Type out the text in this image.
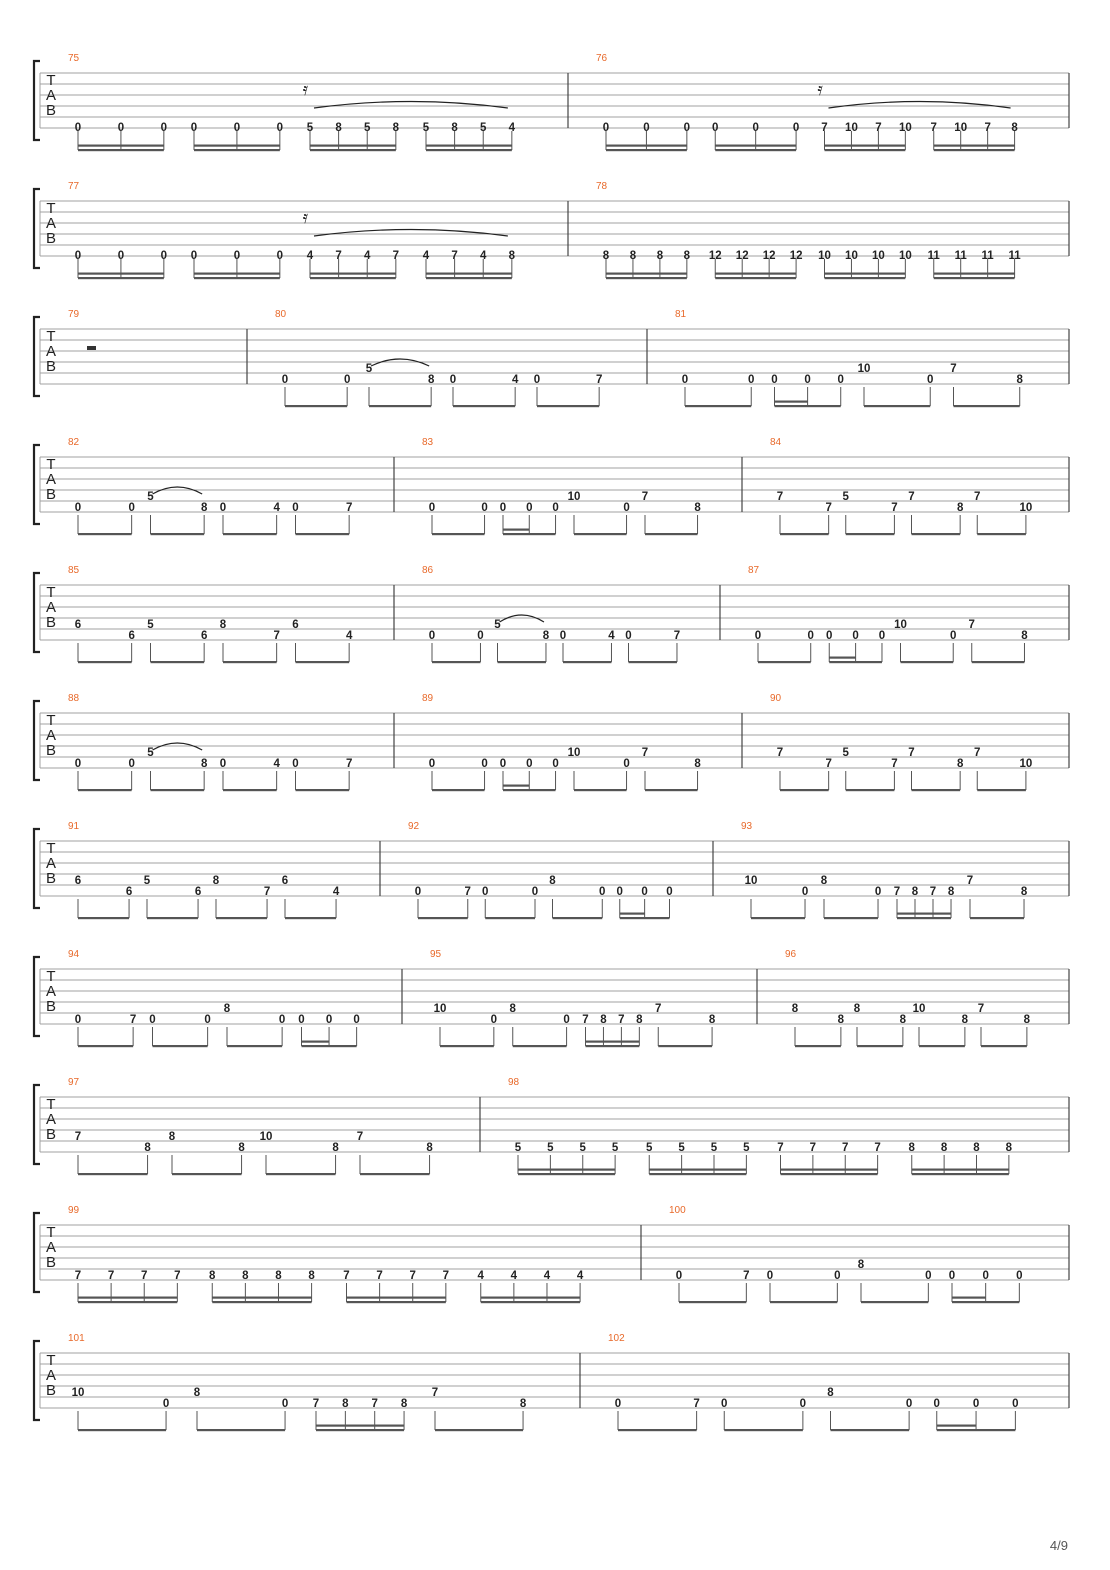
T
A
B
75
0	0	0 0	0	0
𝄿
5 8 5 8 5 8 5 4
76
0	0	0 0	0	0
𝄿
7 10 7 10 7 10 7 8
T
A
B
77
0	0	0 0	0	0
𝄿
4 7 4 7 4 7 4 8
78
8 8 8 8 12 12 12 12 10 10 10 10 11 11 11 11
T
A
B
79	80
0	0
5
8 0	4 0	7
81
0	0 0 0 0
10
0
7
8
T
A
B
82
0	0
5
8 0	4 0	7
83
0	0 0 0 0
10
0
7
8
84
7
7
5
7
7
8
7
10
T
A
B
85
6
6
5
6
8
7
6
4
86
0	0
5
8 0	4 0	7
87
0	0 0 0 0
10
0
7
8
T
A
B
88
0	0
5
8 0	4 0	7
89
0	0 0 0 0
10
0
7
8
90
7
7
5
7
7
8
7
10
T
A
B
91
6
6
5
6
8
7
6
4
92
0	7 0	0
8
0 0 0 0
93
10
0
8
0 7 8 7 8
7
8
T
A
B
94
0	7 0	0
8
0 0 0 0
95
10
0
8
0 7 8 7 8
7
8
96
8
8
8
8
10
8
7
8
T
A
B
97
7
8
8
8
10
8
7
8
98
5 5 5 5 5 5 5 5 7 7 7 7 8 8 8 8
T
A
B
99
7 7 7 7 8 8 8 8 7 7 7 7 4 4 4 4
100
0	7 0	0
8
0 0 0 0
T
A
B
101
10
0
8
0 7 8 7 8
7
8
102
0	7 0	0
8
0 0	0	0
4/9
